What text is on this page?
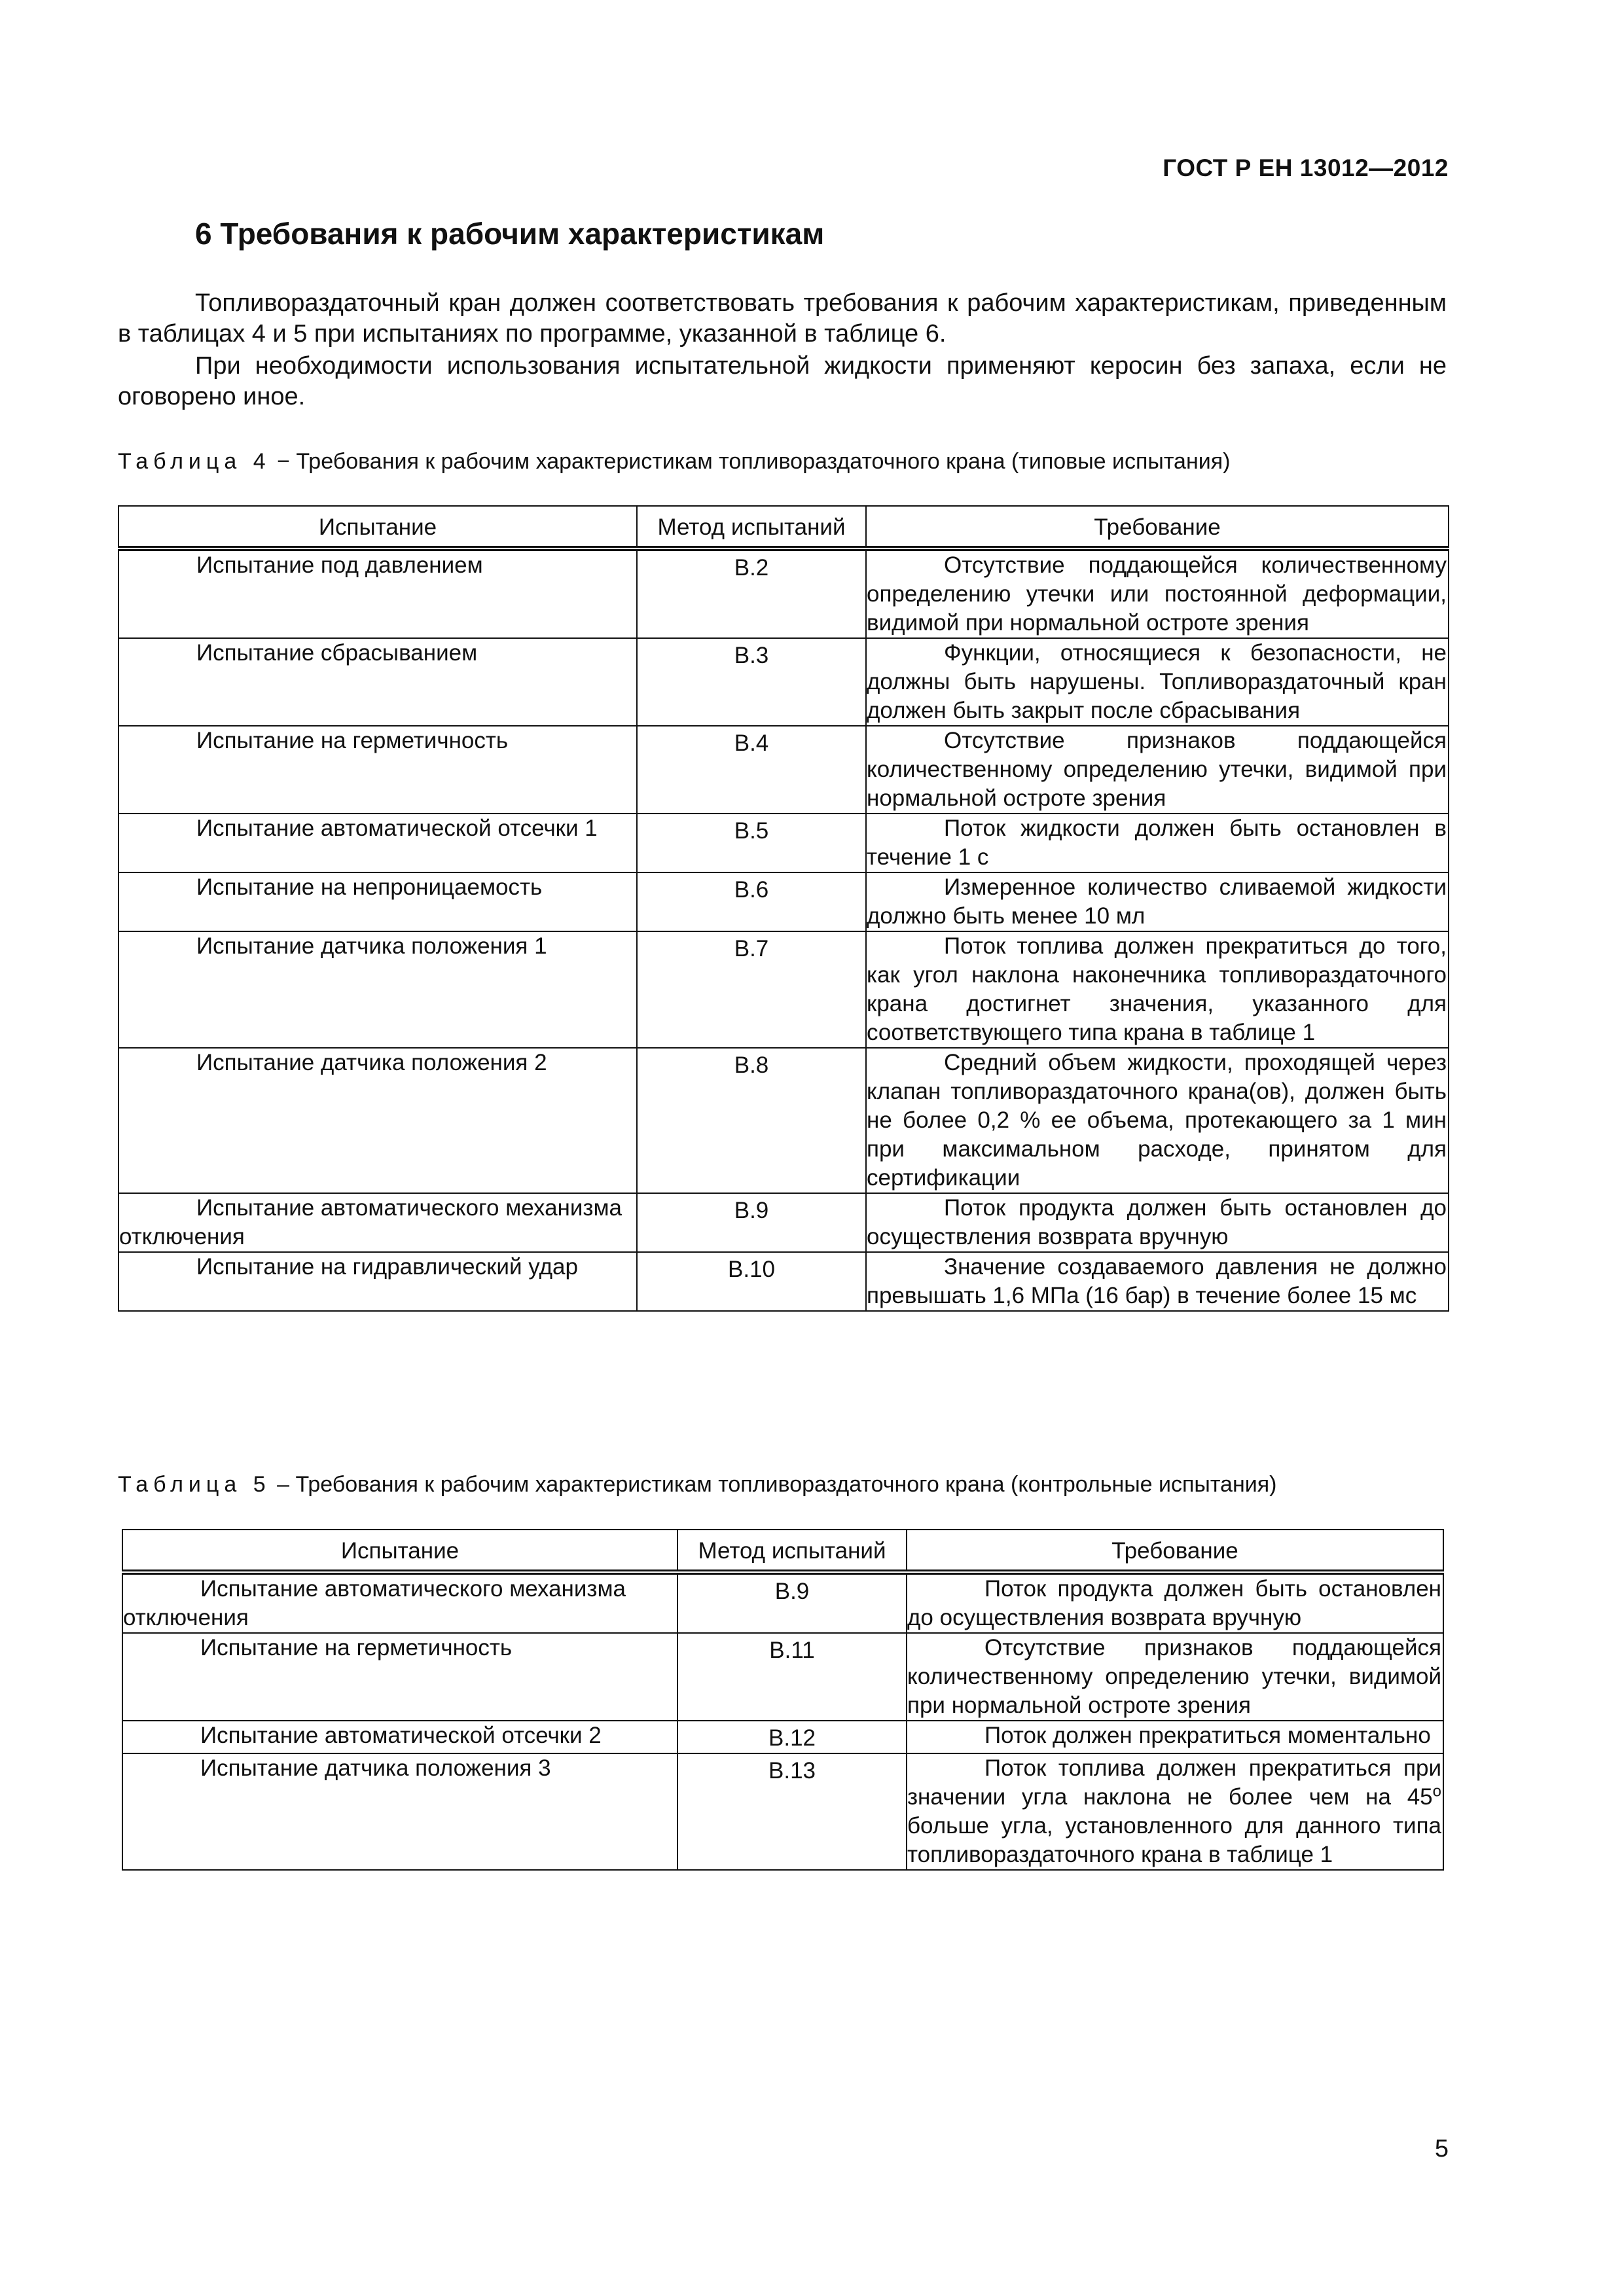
ГОСТ Р ЕН 13012—2012
6 Требования к рабочим характеристикам

Топливораздаточный кран должен соответствовать требования к рабочим характеристикам, приведенным в таблицах 4 и 5 при испытаниях по программе, указанной в таблице 6.

При необходимости использования испытательной жидкости применяют керосин без запаха, если не оговорено иное.

Таблица 4 − Требования к рабочим характеристикам топливораздаточного крана (типовые испытания)

Испытание	Метод испытаний	Требование

Испытание под давлением	В.2	Отсутствие поддающейся количественному определению утечки или постоянной деформации, видимой при нормальной остроте зрения

Испытание сбрасыванием	В.3	Функции, относящиеся к безопасности, не должны быть нарушены. Топливораздаточный кран должен быть закрыт после сбрасывания

Испытание на герметичность	В.4	Отсутствие признаков поддающейся количественному определению утечки, видимой при нормальной остроте зрения

Испытание автоматической отсечки 1	В.5	Поток жидкости должен быть остановлен в течение 1 с

Испытание на непроницаемость	В.6	Измеренное количество сливаемой жидкости должно быть менее 10 мл

Испытание датчика положения 1	В.7	Поток топлива должен прекратиться до того, как угол наклона наконечника топливораздаточного крана достигнет значения, указанного для соответствующего типа крана в таблице 1

Испытание датчика положения 2	В.8	Средний объем жидкости, проходящей через клапан топливораздаточного крана(ов), должен быть не более 0,2 % ее объема, протекающего за 1 мин при максимальном расходе, принятом для сертификации

Испытание автоматического механизма отключения	В.9	Поток продукта должен быть остановлен до осуществления возврата вручную

Испытание на гидравлический удар	В.10	Значение создаваемого давления не должно превышать 1,6 МПа (16 бар) в течение более 15 мс

Таблица 5 – Требования к рабочим характеристикам топливораздаточного крана (контрольные испытания)

Испытание	Метод испытаний	Требование

Испытание автоматического механизма отключения	В.9	Поток продукта должен быть остановлен до осуществления возврата вручную

Испытание на герметичность	В.11	Отсутствие признаков поддающейся количественному определению утечки, видимой при нормальной остроте зрения

Испытание автоматической отсечки 2	В.12	Поток должен прекратиться моментально

Испытание датчика положения 3	В.13	Поток топлива должен прекратиться при значении угла наклона не более чем на $45^о$ больше угла, установленного для данного типа топливораздаточного крана в таблице 1
5
